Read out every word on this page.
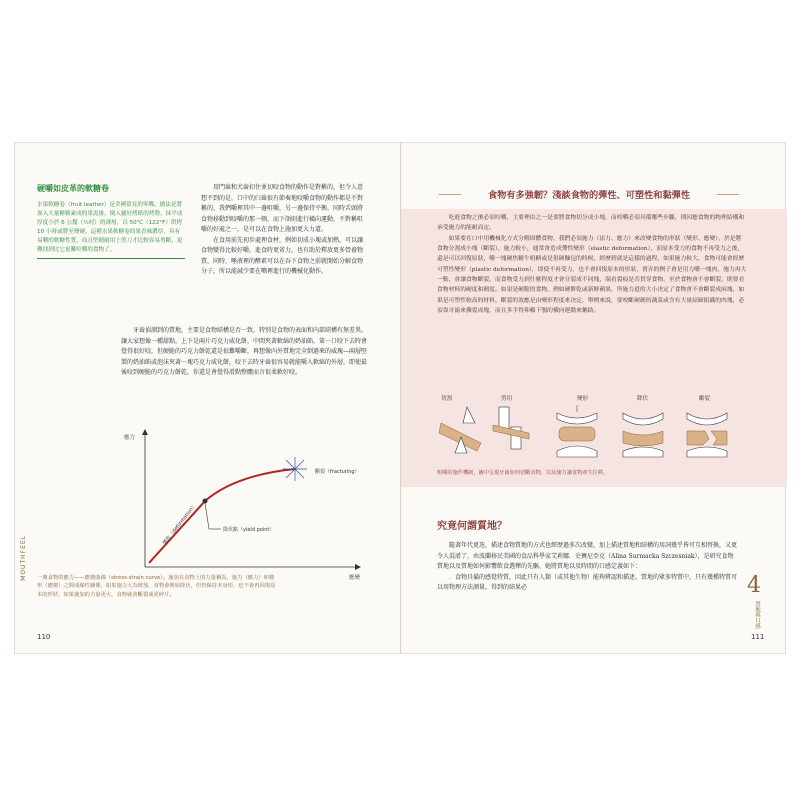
硬嚼如皮革的軟糖卷

水果軟糖卷（fruit leather）是美國常見的零嘴，做法是將加入大量糖顆素成的果泥後，倒入鋪好烤紙的烤盤，抹平成厚度小於 6 公釐（¼吋）的薄層，以 50℃（122°F）烘烤 10 小時或將至變硬。這種水果軟糖卷的果香味濃厚，具有易嚼的軟糖性質，而且堅韌耐用上剪刀才比較容易剪斷，更難找到比它更難咬嚼的食物了。

用門齒和犬齒扣住並切咬食物的動作是對稱的，但令人意想不到的是，口中的臼齒很有節奏地咬嚼食物的動作都是不對稱的，我們嚼裡其中一邊咀嚼，另一邊保持平衡，同時舌頭將食物移動到咬嚼的那一側，而下頜則進行橫向運動，不對稱咀嚼的好處之一，是可以在食物上施加更大力道。

在食用前先初步處理食材，例如切成小塊或加熱，可以讓食物變得比較好嚼，進食時更省力，也有助於釋放更多營養物質，同時，唾液裡的酵素可以在吞下食物之前就開始分解食物分子，所以能減少要在嘴裡進行的機械化動作。

牙齒偵測到的質地，主要是食物結構是否一致，特別是食物的表面和內部結構有無差異，讓大家想像一種甜點，上下是兩片巧克力威化餅，中間夾著軟綿的奶油餡，第一口咬下去時會覺得很好咬，但硬脆的巧克力餅乾還是很難嚼斷，再想像內外質地完全倒過來的威瑰—兩層堅製的奶油餡或泡沫夾著一塊巧克力威化餅，咬下去時牙齒很容易就能嚼入軟綿的外層，即使最後咬到硬脆的巧克力餅乾，你還是會覺得滑點整體而言很柔軟好咬。

應力
應變
彈性（deformation）	降伏點（yield point）
斷裂（fracturing）

一塊食物的應力——應變曲線（stress-strain curve）。施加在食物上的力量稱為，施力（應力）和變形（應變）之間成線性關係，如果施力大為增加，食物會開始降伏，但仍保持本身形，也不會再回復原本的形狀，如果施加的力量更大，食物就會斷裂成更碎片。

MOUTHFEEL
110
食物有多強韌？淺談食物的彈性、可塑性和黏彈性

吃進食物之後必須咬嚼，主要理由之一是要將食物切分成小塊，而咬嚼必須具備哪些步驟，則因應食物的物理結構和承受施力的能耐而定。

如果要在口中用機械化方式分解固體食物，我們必須施力（添力、應力）來改變食物的形狀（變形、應變），於是將食物分割成小塊（斷裂），施力較小，通常會造成彈性變形（elastic deformation），而原本受力的食物不再受力之後，還是可以回復原狀，嚼一塊硬焦糖牛奶糖或是很硬麵包的時候，經歷到就是這樣的過程，如果施力較大，食物可能會經歷可塑性變形（plastic deformation），即使不再受力，也不會回復原本的形狀，賣弄的例子會是用力嚼一塊肉，施力再大一點，會讓食物斷裂，而食物受力到什麼程度才會分裂成不同塊，端看裂痕是否貫穿食物。至於食物會不會斷裂，則要看食物材料的硬度和韌度。如果是硬脆的食物，例如硬餅乾或新鮮蘋果，所施力道的大小決定了食物會不會斷裂成兩塊，如果是可塑性較高的材料，斷裂的效應是由變形程度來決定，舉例來說，要咬斷硬韌的蔬菜或含有大量結締組織的肉塊，必須靠牙齒來撕裂成塊，而且多半得仰賴下顎的橫向運動來輔助。

切割	剪切	變形	降伏	斷裂
咀嚼的施作機制，圖中呈現牙齒如何切斷食物，以及施力讓食物產生位移。
究竟何謂質地？

隨著年代更迭，描述食物質地的方式也經歷過多次改變，加上描述質地和結構的用詞幾乎皆可互相替換，又更令人混淆了，由波蘭移民美國的食品科學家艾莉娜．史賽尼亞克（Alina Surmacka Szczesniak），是研究食物質地以及質地如何影響飲食選擇的先驅，她將質地以及時間的口感定義如下：

．食物具備的感覺特質，因此只有人類（或其他生物）能夠辨認和描述，質地的眾多特質中，只有幾種特質可以用物理方法測量，得到的結果必	4
質地與口感
111
